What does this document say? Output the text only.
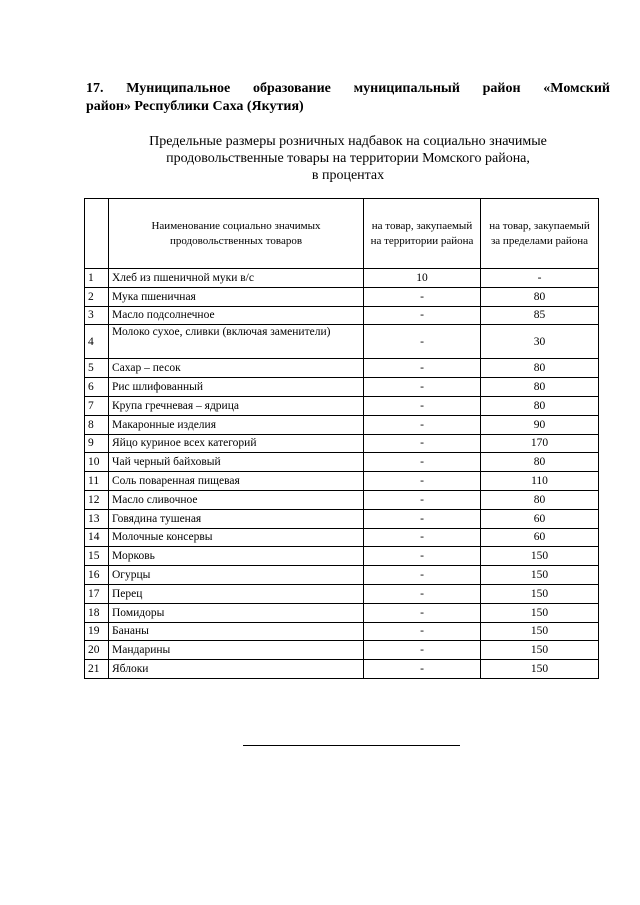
17. Муниципальное образование муниципальный район «Момский
район» Республики Саха (Якутия)
Предельные размеры розничных надбавок на социально значимые
продовольственные товары на территории Момского района,
в процентах
	Наименование социально значимых продовольственных товаров	на товар, закупаемый на территории района	на товар, закупаемый за пределами района
1	Хлеб из пшеничной муки в/с	10	-
2	Мука пшеничная	-	80
3	Масло подсолнечное	-	85
4	Молоко сухое, сливки (включая заменители)	-	30
5	Сахар – песок	-	80
6	Рис шлифованный	-	80
7	Крупа гречневая – ядрица	-	80
8	Макаронные изделия	-	90
9	Яйцо куриное всех категорий	-	170
10	Чай черный байховый	-	80
11	Соль поваренная пищевая	-	110
12	Масло сливочное	-	80
13	Говядина тушеная	-	60
14	Молочные консервы	-	60
15	Морковь	-	150
16	Огурцы	-	150
17	Перец	-	150
18	Помидоры	-	150
19	Бананы	-	150
20	Мандарины	-	150
21	Яблоки	-	150
